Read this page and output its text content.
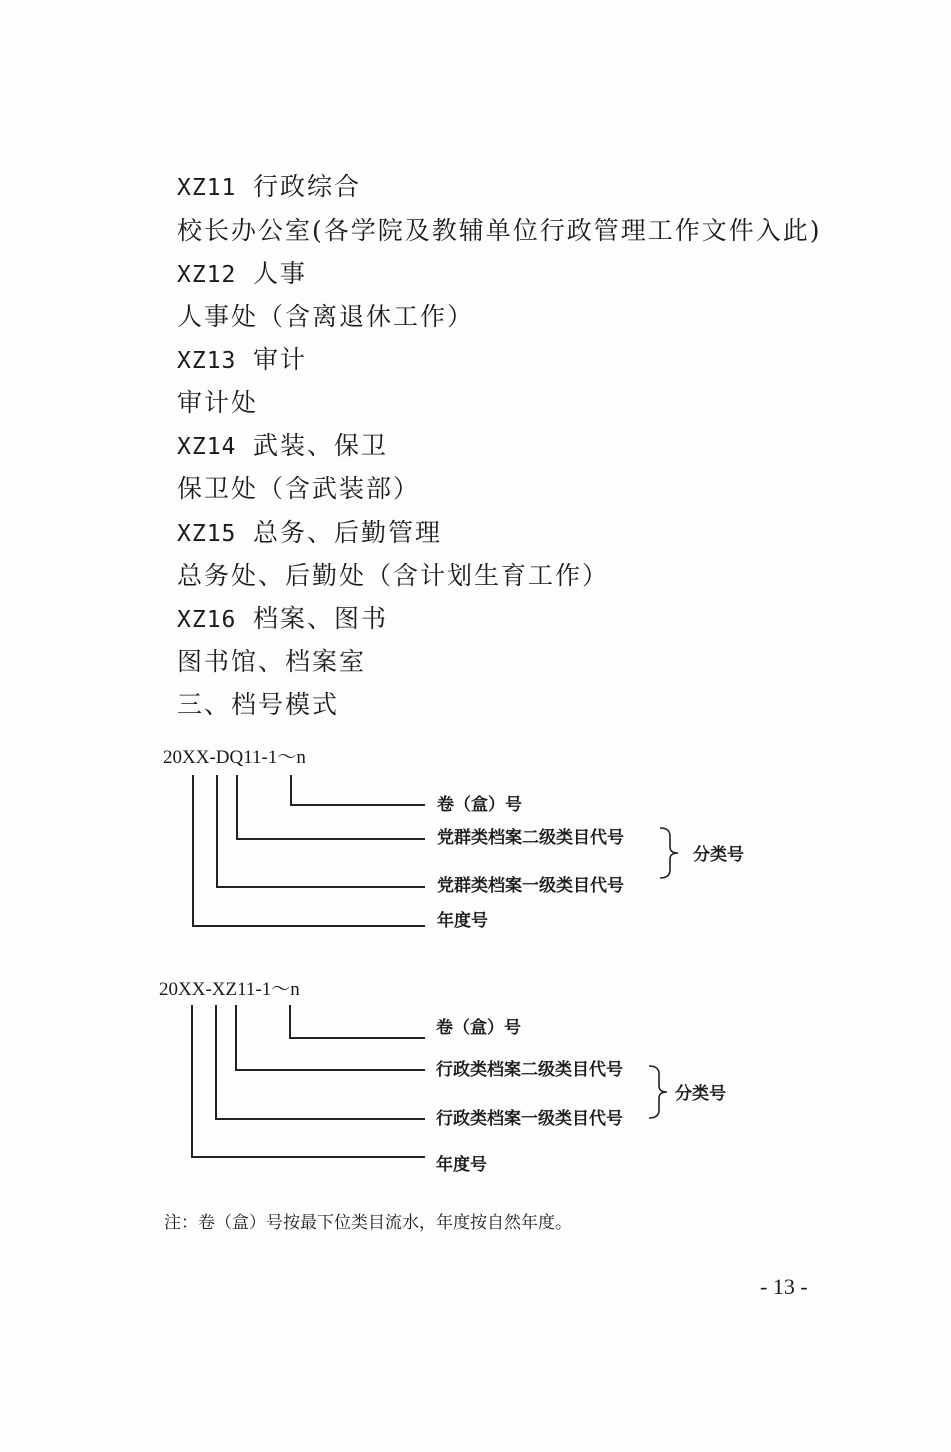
XZ11 行政综合
校长办公室(各学院及教辅单位行政管理工作文件入此)
XZ12 人事
人事处（含离退休工作）
XZ13 审计
审计处
XZ14 武装、保卫
保卫处（含武装部）
XZ15 总务、后勤管理
总务处、后勤处（含计划生育工作）
XZ16 档案、图书
图书馆、档案室
三、档号模式
20XX-DQ11-1～n
卷（盒）号
党群类档案二级类目代号
党群类档案一级类目代号
年度号
分类号
20XX-XZ11-1～n
卷（盒）号
行政类档案二级类目代号
行政类档案一级类目代号
年度号
分类号
注：卷（盒）号按最下位类目流水，年度按自然年度。
- 13 -
